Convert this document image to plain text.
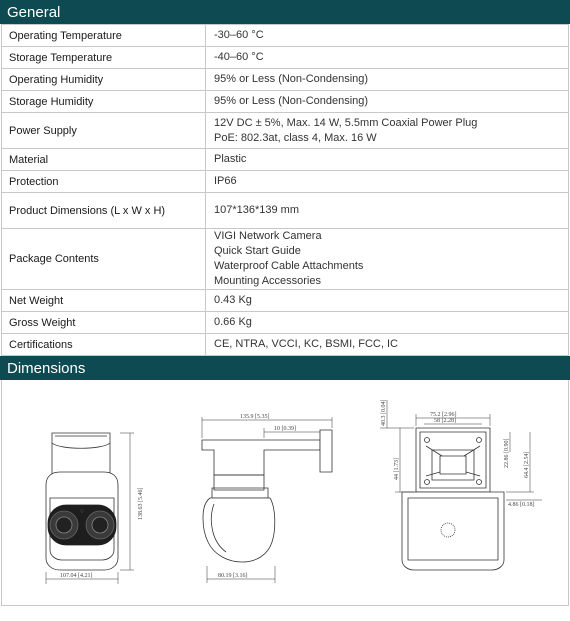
General
Operating Temperature	-30–60 °C

Storage Temperature	-40–60 °C

Operating Humidity	95% or Less (Non-Condensing)

Storage Humidity	95% or Less (Non-Condensing)

Power Supply	12V DC ± 5%, Max. 14 W, 5.5mm Coaxial Power Plug
PoE: 802.3at, class 4, Max. 16 W

Material	Plastic

Protection	IP66

Product Dimensions (L x W x H)	107*136*139 mm

Package Contents	VIGI Network Camera
Quick Start Guide
Waterproof Cable Attachments
Mounting Accessories

Net Weight	0.43 Kg

Gross Weight	0.66 Kg

Certifications	CE, NTRA, VCCI, KC, BSMI, FCC, IC
Dimensions
107.04 [4.21]
138.63 [5.46]
135.9 [5.35]
10 [0.39]
80.19 [3.16]
75.2 [2.96]
58 [2.28]
40.3 [0.04]
44 [1.73]
22.86 [0.90] 64.4 [2.54]
4.86 [0.18]
